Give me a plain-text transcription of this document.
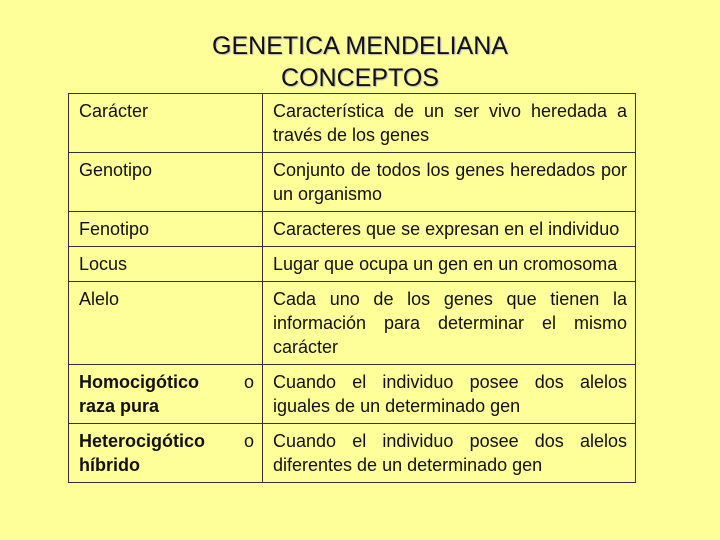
GENETICA MENDELIANA
CONCEPTOS
Carácter	Característica de un ser vivo heredada a través de los genes
Genotipo	Conjunto de todos los genes heredados por un organismo
Fenotipo	Caracteres que se expresan en el individuo
Locus	Lugar que ocupa un gen en un cromosoma
Alelo	Cada uno de los genes que tienen la información para determinar el mismo carácter

Homocigótico o raza pura	Cuando el individuo posee dos alelos iguales de un determinado gen

Heterocigótico o híbrido	Cuando el individuo posee dos alelos diferentes de un determinado gen
